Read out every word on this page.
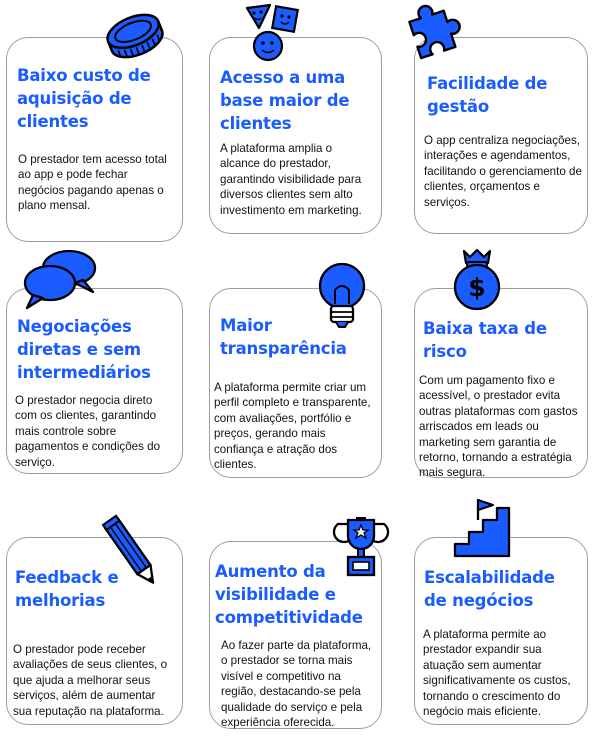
Baixo custo de
aquisição de
clientes

O prestador tem acesso total ao app e pode fechar negócios pagando apenas o plano mensal.

Acesso a uma
base maior de
clientes

A plataforma amplia o alcance do prestador, garantindo visibilidade para diversos clientes sem alto investimento em marketing.

Facilidade de
gestão

O app centraliza negociações, interações e agendamentos, facilitando o gerenciamento de clientes, orçamentos e serviços.

Negociações
diretas e sem
intermediários

O prestador negocia direto com os clientes, garantindo mais controle sobre pagamentos e condições do serviço.

Maior
transparência

A plataforma permite criar um perfil completo e transparente, com avaliações, portfólio e preços, gerando mais confiança e atração dos clientes.

$
Baixa taxa de
risco

Com um pagamento fixo e acessível, o prestador evita outras plataformas com gastos arriscados em leads ou marketing sem garantia de retorno, tornando a estratégia mais segura.

Feedback e
melhorias

O prestador pode receber avaliações de seus clientes, o que ajuda a melhorar seus serviços, além de aumentar sua reputação na plataforma.

Aumento da
visibilidade e
competitividade

Ao fazer parte da plataforma, o prestador se torna mais visível e competitivo na região, destacando-se pela qualidade do serviço e pela experiência oferecida.

Escalabilidade
de negócios

A plataforma permite ao prestador expandir sua atuação sem aumentar significativamente os custos, tornando o crescimento do negócio mais eficiente.
